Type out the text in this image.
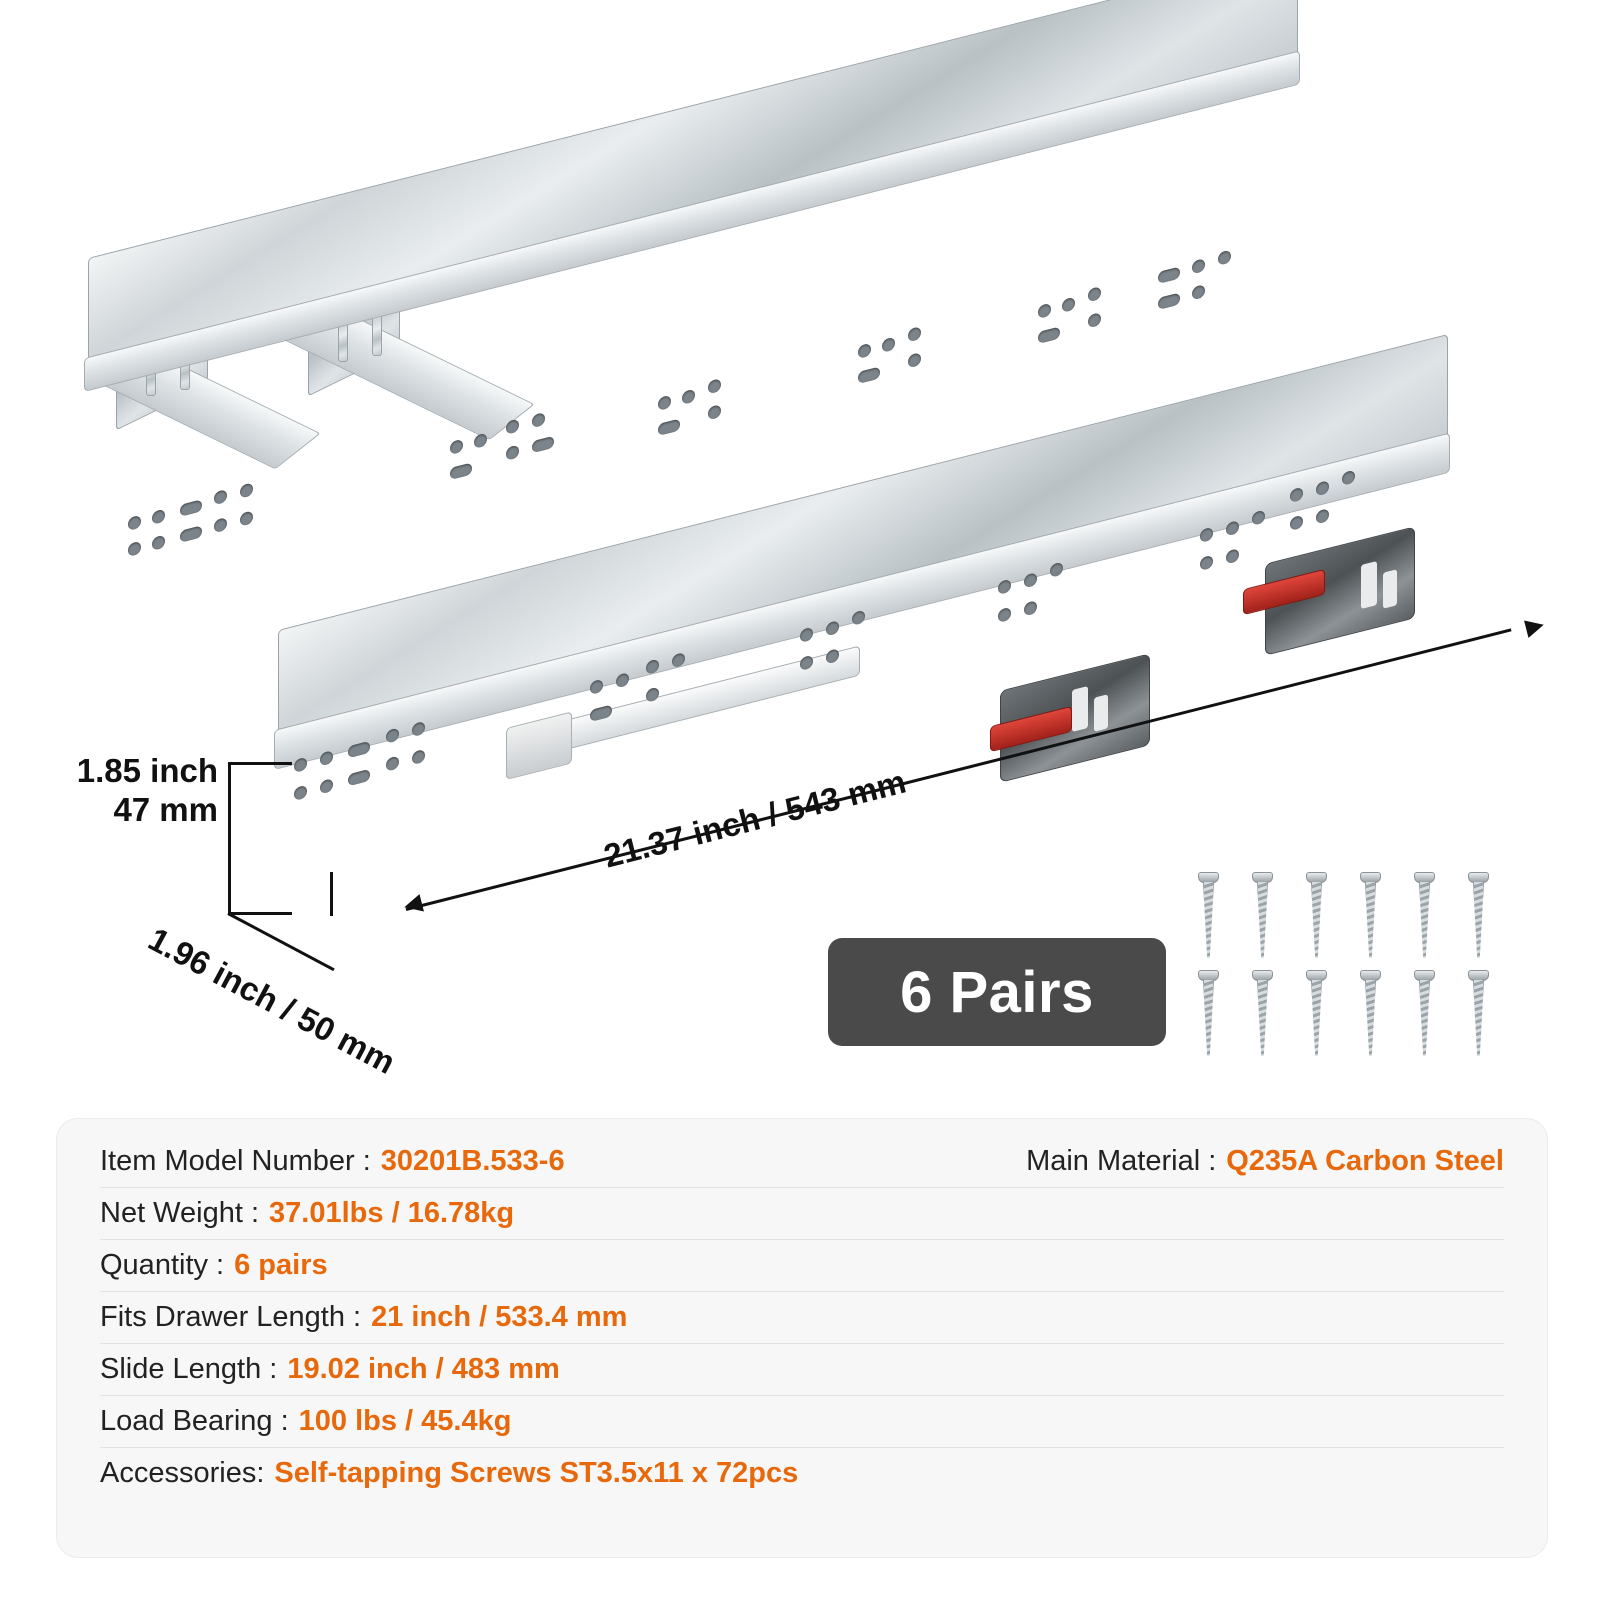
21.37 inch / 543 mm
1.85 inch
47 mm
1.96 inch / 50 mm	6 Pairs
Item Model Number : 30201B.533-6	Main Material : Q235A Carbon Steel
Net Weight : 37.01lbs / 16.78kg
Quantity : 6 pairs
Fits Drawer Length : 21 inch / 533.4 mm
Slide Length : 19.02 inch / 483 mm
Load Bearing : 100 lbs / 45.4kg
Accessories: Self-tapping Screws ST3.5x11 x 72pcs
